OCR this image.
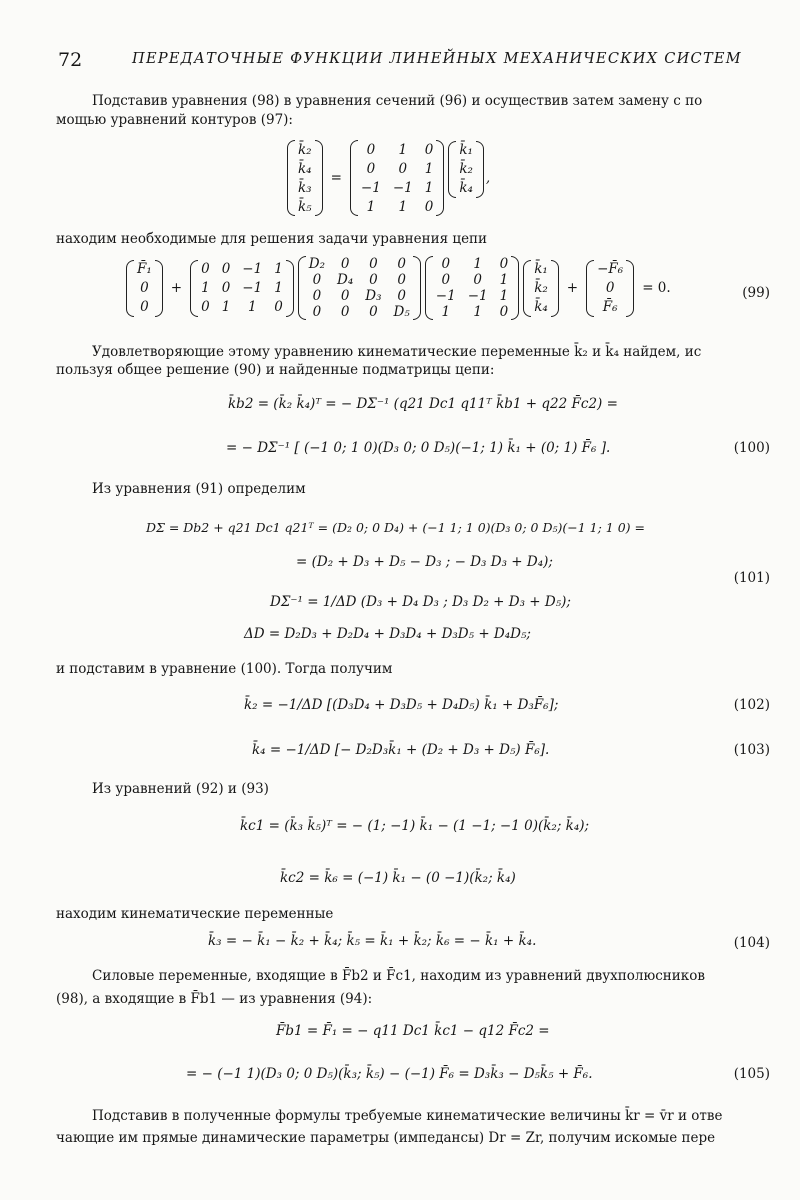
72	ПЕРЕДАТОЧНЫЕ ФУНКЦИИ ЛИНЕЙНЫХ МЕХАНИЧЕСКИХ СИСТЕМ
Подставив уравнения (98) в уравнения сечений (96) и осуществив затем замену с по
мощью уравнений контуров (97):
k̄₂
k̄₄
k̄₃
k̄₅
=
0	1	0
0	0	1
−1 −1 1
1	1	0
k̄₁
k̄₂
k̄₄
,
находим необходимые для решения задачи уравнения цепи
F̄₁
0
0
+
0 0 −1 1
1 0 −1 1
0 1	1	0
D₂ 0 0 0
0 D₄ 0 0
0 0 D₃ 0
0 0 0 D₅
0	1	0
0	0	1
−1 −1 1
1	1	0
k̄₁
k̄₂
k̄₄
+
−F̄₆
0
F̄₆
= 0.	(99)
Удовлетворяющие этому уравнению кинематические переменные k̄₂ и k̄₄ найдем, ис
пользуя общее решение (90) и найденные подматрицы цепи:
k̄b2 = (k̄₂ k̄₄)ᵀ = − DΣ⁻¹ (q21 Dc1 q11ᵀ k̄b1 + q22 F̄c2) =
= − DΣ⁻¹ [ (−1 0; 1 0)(D₃ 0; 0 D₅)(−1; 1) k̄₁ + (0; 1) F̄₆ ].	(100)
Из уравнения (91) определим
DΣ = Db2 + q21 Dc1 q21ᵀ = (D₂ 0; 0 D₄) + (−1 1; 1 0)(D₃ 0; 0 D₅)(−1 1; 1 0) =
= (D₂ + D₃ + D₅ − D₃ ; − D₃ D₃ + D₄);
DΣ⁻¹ = 1/ΔD (D₃ + D₄ D₃ ; D₃ D₂ + D₃ + D₅);
ΔD = D₂D₃ + D₂D₄ + D₃D₄ + D₃D₅ + D₄D₅;
(101)
и подставим в уравнение (100). Тогда получим
k̄₂ = −1/ΔD [(D₃D₄ + D₃D₅ + D₄D₅) k̄₁ + D₃F̄₆];	(102)
k̄₄ = −1/ΔD [− D₂D₃k̄₁ + (D₂ + D₃ + D₅) F̄₆].	(103)
Из уравнений (92) и (93)
k̄c1 = (k̄₃ k̄₅)ᵀ = − (1; −1) k̄₁ − (1 −1; −1 0)(k̄₂; k̄₄);
k̄c2 = k̄₆ = (−1) k̄₁ − (0 −1)(k̄₂; k̄₄)
находим кинематические переменные
k̄₃ = − k̄₁ − k̄₂ + k̄₄; k̄₅ = k̄₁ + k̄₂; k̄₆ = − k̄₁ + k̄₄.	(104)
Силовые переменные, входящие в F̄b2 и F̄c1, находим из уравнений двухполюсников
(98), а входящие в F̄b1 — из уравнения (94):
F̄b1 = F̄₁ = − q11 Dc1 k̄c1 − q12 F̄c2 =
= − (−1 1)(D₃ 0; 0 D₅)(k̄₃; k̄₅) − (−1) F̄₆ = D₃k̄₃ − D₅k̄₅ + F̄₆.	(105)
Подставив в полученные формулы требуемые кинематические величины k̄r = v̄r и отве
чающие им прямые динамические параметры (импедансы) Dr = Zr, получим искомые пере
